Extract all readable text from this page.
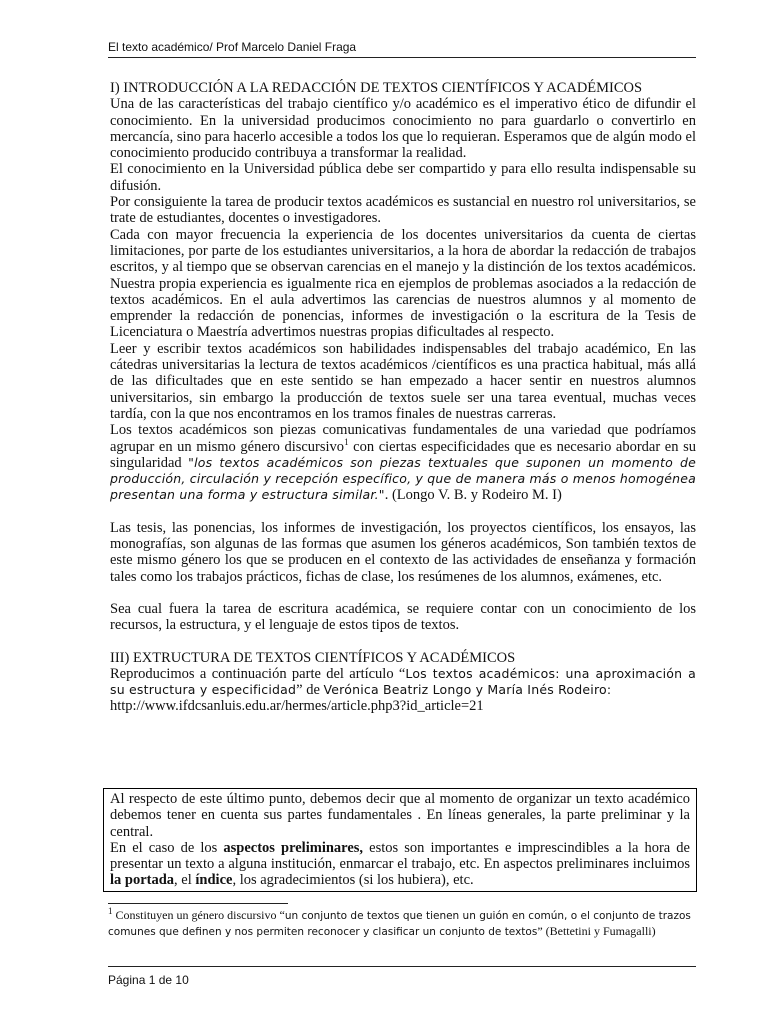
El texto académico/ Prof Marcelo Daniel Fraga
I) INTRODUCCIÓN A LA REDACCIÓN DE TEXTOS CIENTÍFICOS Y ACADÉMICOS

Una de las características del trabajo científico y/o académico es el imperativo ético de difundir el conocimiento. En la universidad producimos conocimiento no para guardarlo o convertirlo en mercancía, sino para hacerlo accesible a todos los que lo requieran. Esperamos que de algún modo el conocimiento producido contribuya a transformar la realidad.

El conocimiento en la Universidad pública debe ser compartido y para ello resulta indispensable su difusión.

Por consiguiente la tarea de producir textos académicos es sustancial en nuestro rol universitarios, se trate de estudiantes, docentes o investigadores.

Cada con mayor frecuencia la experiencia de los docentes universitarios da cuenta de ciertas limitaciones, por parte de los estudiantes universitarios, a la hora de abordar la redacción de trabajos escritos, y al tiempo que se observan carencias en el manejo y la distinción de los textos académicos. Nuestra propia experiencia es igualmente rica en ejemplos de problemas asociados a la redacción de textos académicos. En el aula advertimos las carencias de nuestros alumnos y al momento de emprender la redacción de ponencias, informes de investigación o la escritura de la Tesis de Licenciatura o Maestría advertimos nuestras propias dificultades al respecto.

Leer y escribir textos académicos son habilidades indispensables del trabajo académico, En las cátedras universitarias la lectura de textos académicos /científicos es una practica habitual, más allá de las dificultades que en este sentido se han empezado a hacer sentir en nuestros alumnos universitarios, sin embargo la producción de textos suele ser una tarea eventual, muchas veces tardía, con la que nos encontramos en los tramos finales de nuestras carreras.

Los textos académicos son piezas comunicativas fundamentales de una variedad que podríamos agrupar en un mismo género discursivo$^1$ con ciertas especificidades que es necesario abordar en su singularidad "los textos académicos son piezas textuales que suponen un momento de producción, circulación y recepción específico, y que de manera más o menos homogénea presentan una forma y estructura similar.". (Longo V. B. y Rodeiro M. I)

Las tesis, las ponencias, los informes de investigación, los proyectos científicos, los ensayos, las monografías, son algunas de las formas que asumen los géneros académicos, Son también textos de este mismo género los que se producen en el contexto de las actividades de enseñanza y formación tales como los trabajos prácticos, fichas de clase, los resúmenes de los alumnos, exámenes, etc.

Sea cual fuera la tarea de escritura académica, se requiere contar con un conocimiento de los recursos, la estructura, y el lenguaje de estos tipos de textos.

III) EXTRUCTURA DE TEXTOS CIENTÍFICOS Y ACADÉMICOS

Reproducimos a continuación parte del artículo “Los textos académicos: una aproximación a su estructura y especificidad” de Verónica Beatriz Longo y María Inés Rodeiro:

http://www.ifdcsanluis.edu.ar/hermes/article.php3?id_article=21

Al respecto de este último punto, debemos decir que al momento de organizar un texto académico debemos tener en cuenta sus partes fundamentales . En líneas generales, la parte preliminar y la central.

En el caso de los aspectos preliminares, estos son importantes e imprescindibles a la hora de presentar un texto a alguna institución, enmarcar el trabajo, etc. En aspectos preliminares incluimos la portada, el índice, los agradecimientos (si los hubiera), etc.

$^1$ Constituyen un género discursivo “un conjunto de textos que tienen un guión en común, o el conjunto de trazos comunes que definen y nos permiten reconocer y clasificar un conjunto de textos” (Bettetini y Fumagalli)
Página 1 de 10
